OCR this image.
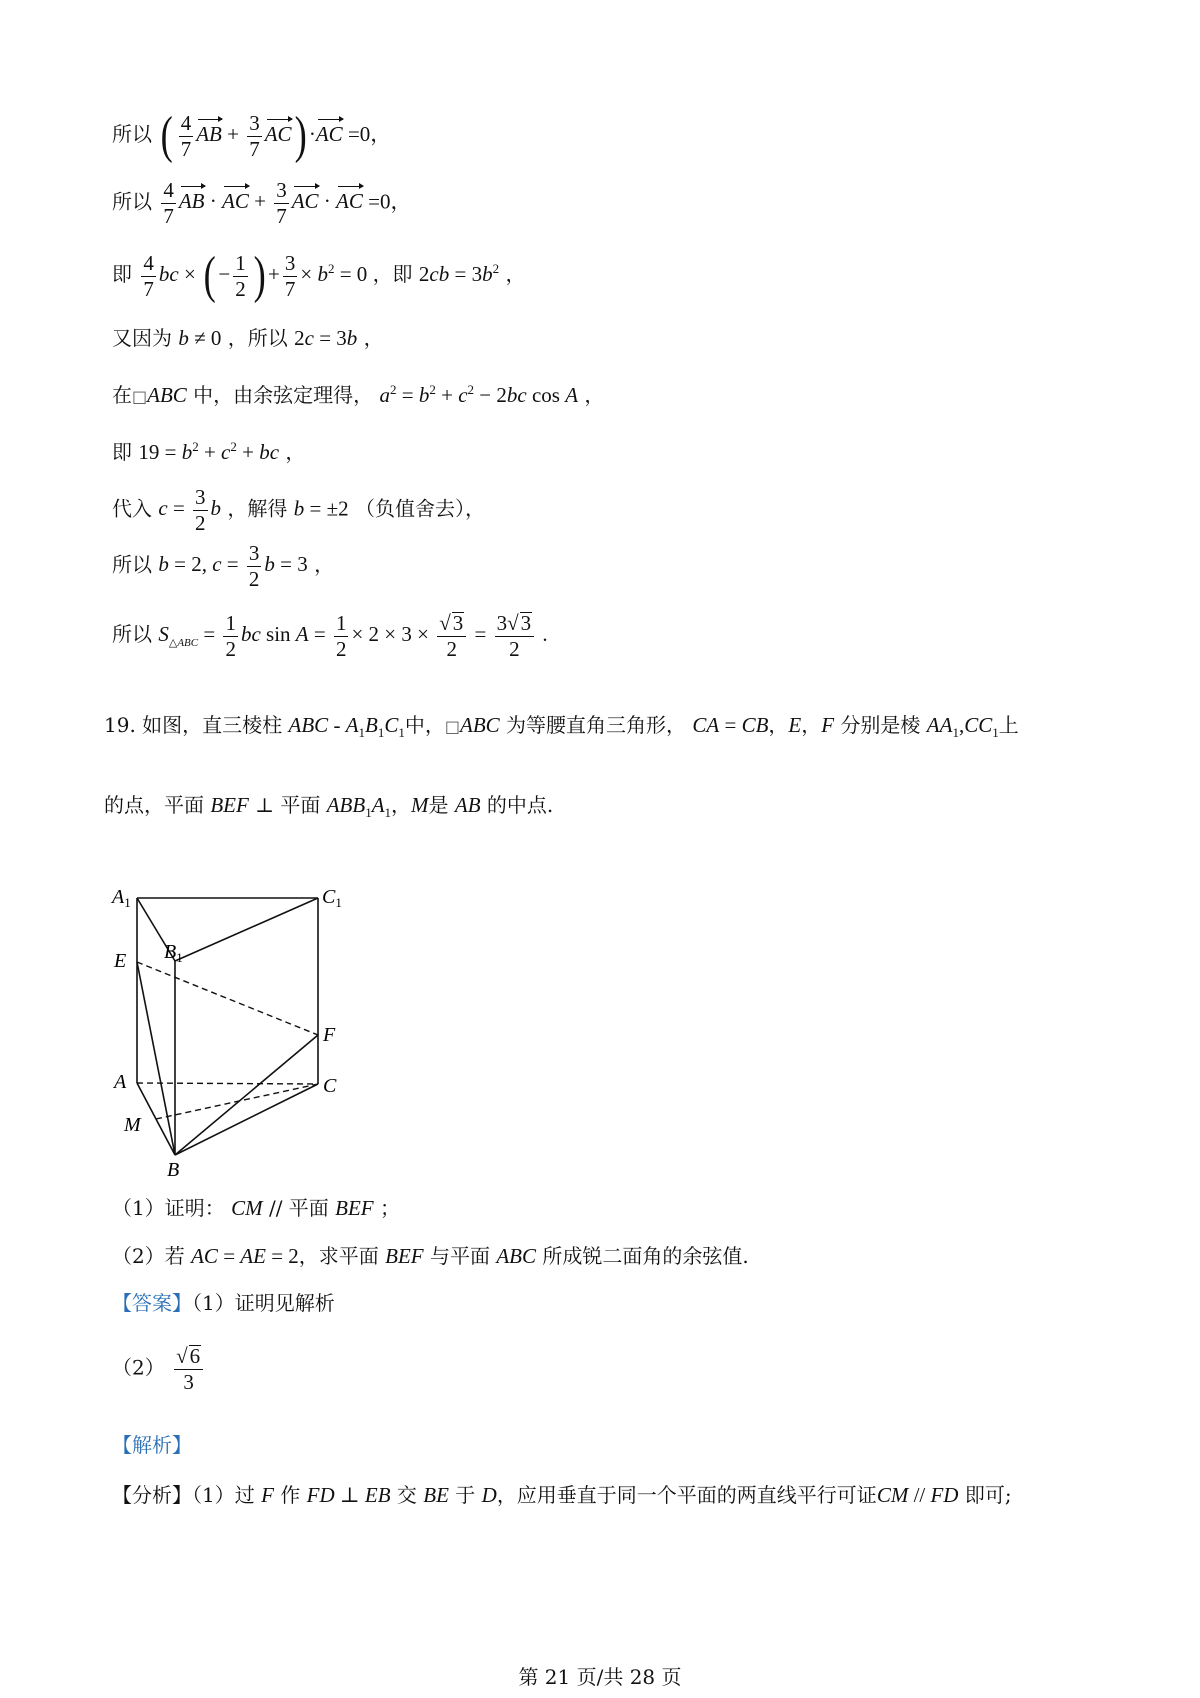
所以 ( $\frac{4}{7}$ AB + $\frac{3}{7} AC) \cdot AC =0$，
所以 $\frac{4}{7}$ AB · AC + $\frac{3}{7}$ AC · AC =0，
即 $\frac{4}{7}$ bc × ( − $\frac{1}{2}$ ) + $\frac{3}{7} \times b^2 = 0$ ，即 $2cb = 3b^2$ ，
又因为 b ≠ 0 ，所以 2c = 3b ，
在□ABC 中，由余弦定理得， $a^2 = b^2 + c^2 - 2bc$ cos A ，
即 $19 = b^2 + c^2$ + bc ，
代入 $c = \frac{3}{2}$ b ，解得 b = ±2 （负值舍去），
所以 b = 2, $c = \frac{3}{2}$ b = 3 ，
所以 $S_{\triangle ABC} = \frac{1}{2}$ bc $\sin A = \frac{1}{2} \times 2 \times 3 \times \frac{√3}{2} = \frac{3√3}{2}$ .
19. 如图，直三棱柱 ABC - $A_1B_1C_1$中，□ABC 为等腰直角三角形， CA = CB，E，F 分别是棱 $AA_1,CC_1$上
的点，平面 BEF ⊥ 平面 $ABB_1A_1$，M是 AB 的中点.
$A_1$	$C_1$
$B_1$
E
F
A	C
M
B
（1）证明： CM // 平面 BEF ；
（2）若 AC = AE = 2，求平面 BEF 与平面 ABC 所成锐二面角的余弦值.
【答案】（1）证明见解析
$(2) \frac{√6}{3}$
【解析】
【分析】（1）过 F 作 FD ⊥ EB 交 BE 于 D，应用垂直于同一个平面的两直线平行可证CM // FD 即可;
第 21 页/共 28 页
